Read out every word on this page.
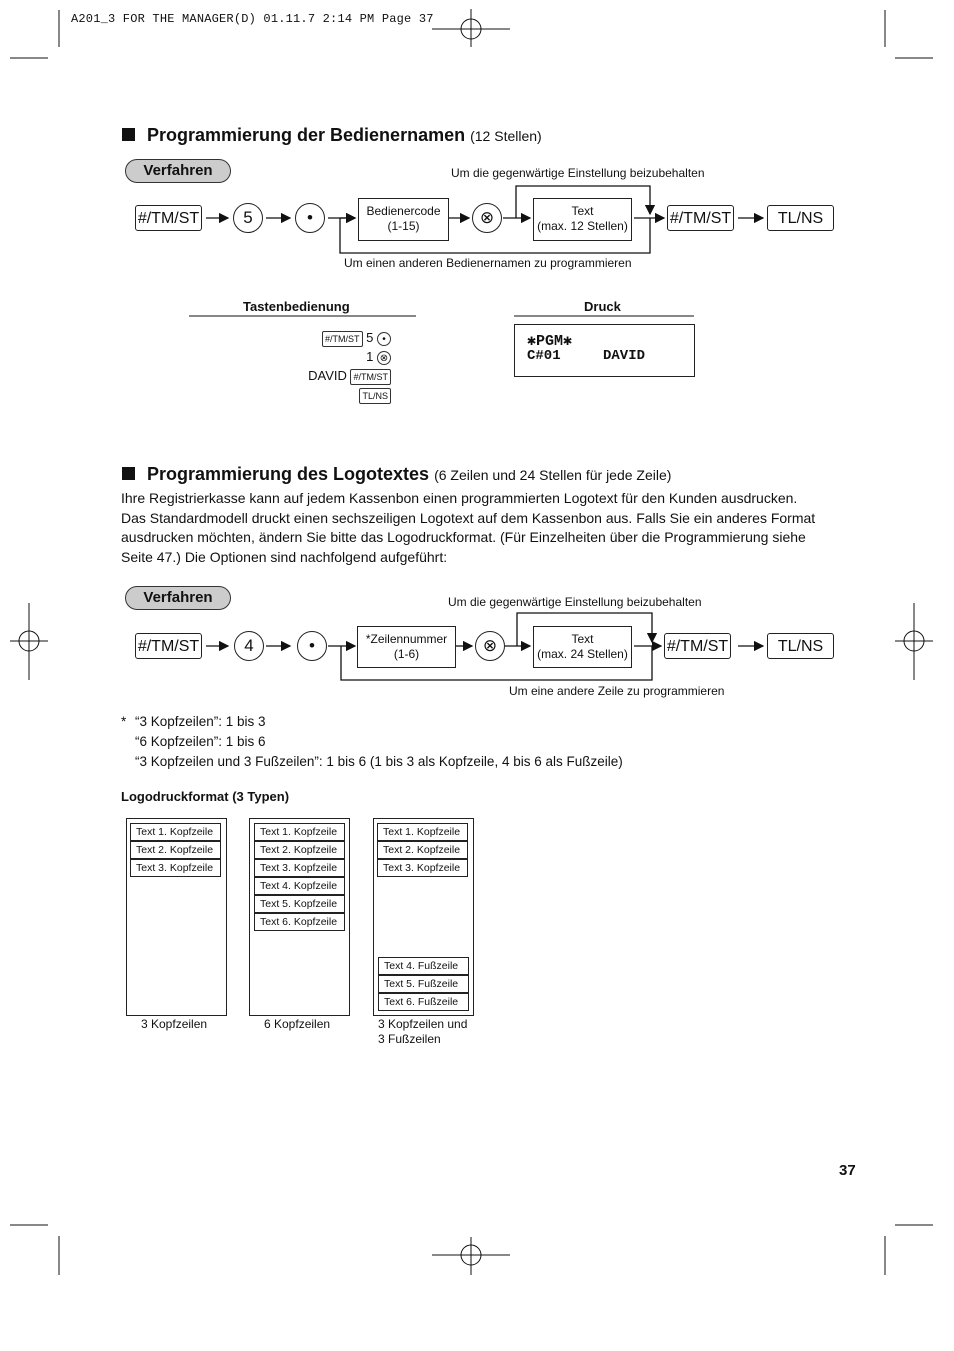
A201_3 FOR THE MANAGER(D) 01.11.7 2:14 PM Page 37
Programmierung der Bedienernamen (12 Stellen)
Verfahren
#/TM/ST	5	•	Bedienercode
(1-15)	⊗	Text
(max. 12 Stellen)	#/TM/ST	TL/NS
Um die gegenwärtige Einstellung beizubehalten
Um einen anderen Bedienernamen zu programmieren
Tastenbedienung	Druck
#/TM/ST 5 •
1 ⊗
DAVID #/TM/ST
TL/NS
✱PGM✱
C#01	DAVID
Programmierung des Logotextes (6 Zeilen und 24 Stellen für jede Zeile)
Ihre Registrierkasse kann auf jedem Kassenbon einen programmierten Logotext für den Kunden ausdrucken.
Das Standardmodell druckt einen sechszeiligen Logotext auf dem Kassenbon aus. Falls Sie ein anderes Format
ausdrucken möchten, ändern Sie bitte das Logodruckformat. (Für Einzelheiten über die Programmierung siehe
Seite 47.) Die Optionen sind nachfolgend aufgeführt:
Verfahren
#/TM/ST	4	•	*Zeilennummer
(1-6)	⊗	Text
(max. 24 Stellen) #/TM/ST	TL/NS
Um die gegenwärtige Einstellung beizubehalten
Um eine andere Zeile zu programmieren
* “3 Kopfzeilen”: 1 bis 3
“6 Kopfzeilen”: 1 bis 6
“3 Kopfzeilen und 3 Fußzeilen”: 1 bis 6 (1 bis 3 als Kopfzeile, 4 bis 6 als Fußzeile)
Logodruckformat (3 Typen)
Text 1. Kopfzeile
Text 2. Kopfzeile
Text 3. Kopfzeile
3 Kopfzeilen
Text 1. Kopfzeile
Text 2. Kopfzeile
Text 3. Kopfzeile
Text 4. Kopfzeile
Text 5. Kopfzeile
Text 6. Kopfzeile
6 Kopfzeilen
Text 1. Kopfzeile
Text 2. Kopfzeile
Text 3. Kopfzeile
Text 4. Fußzeile
Text 5. Fußzeile
Text 6. Fußzeile
3 Kopfzeilen und
3 Fußzeilen
37
